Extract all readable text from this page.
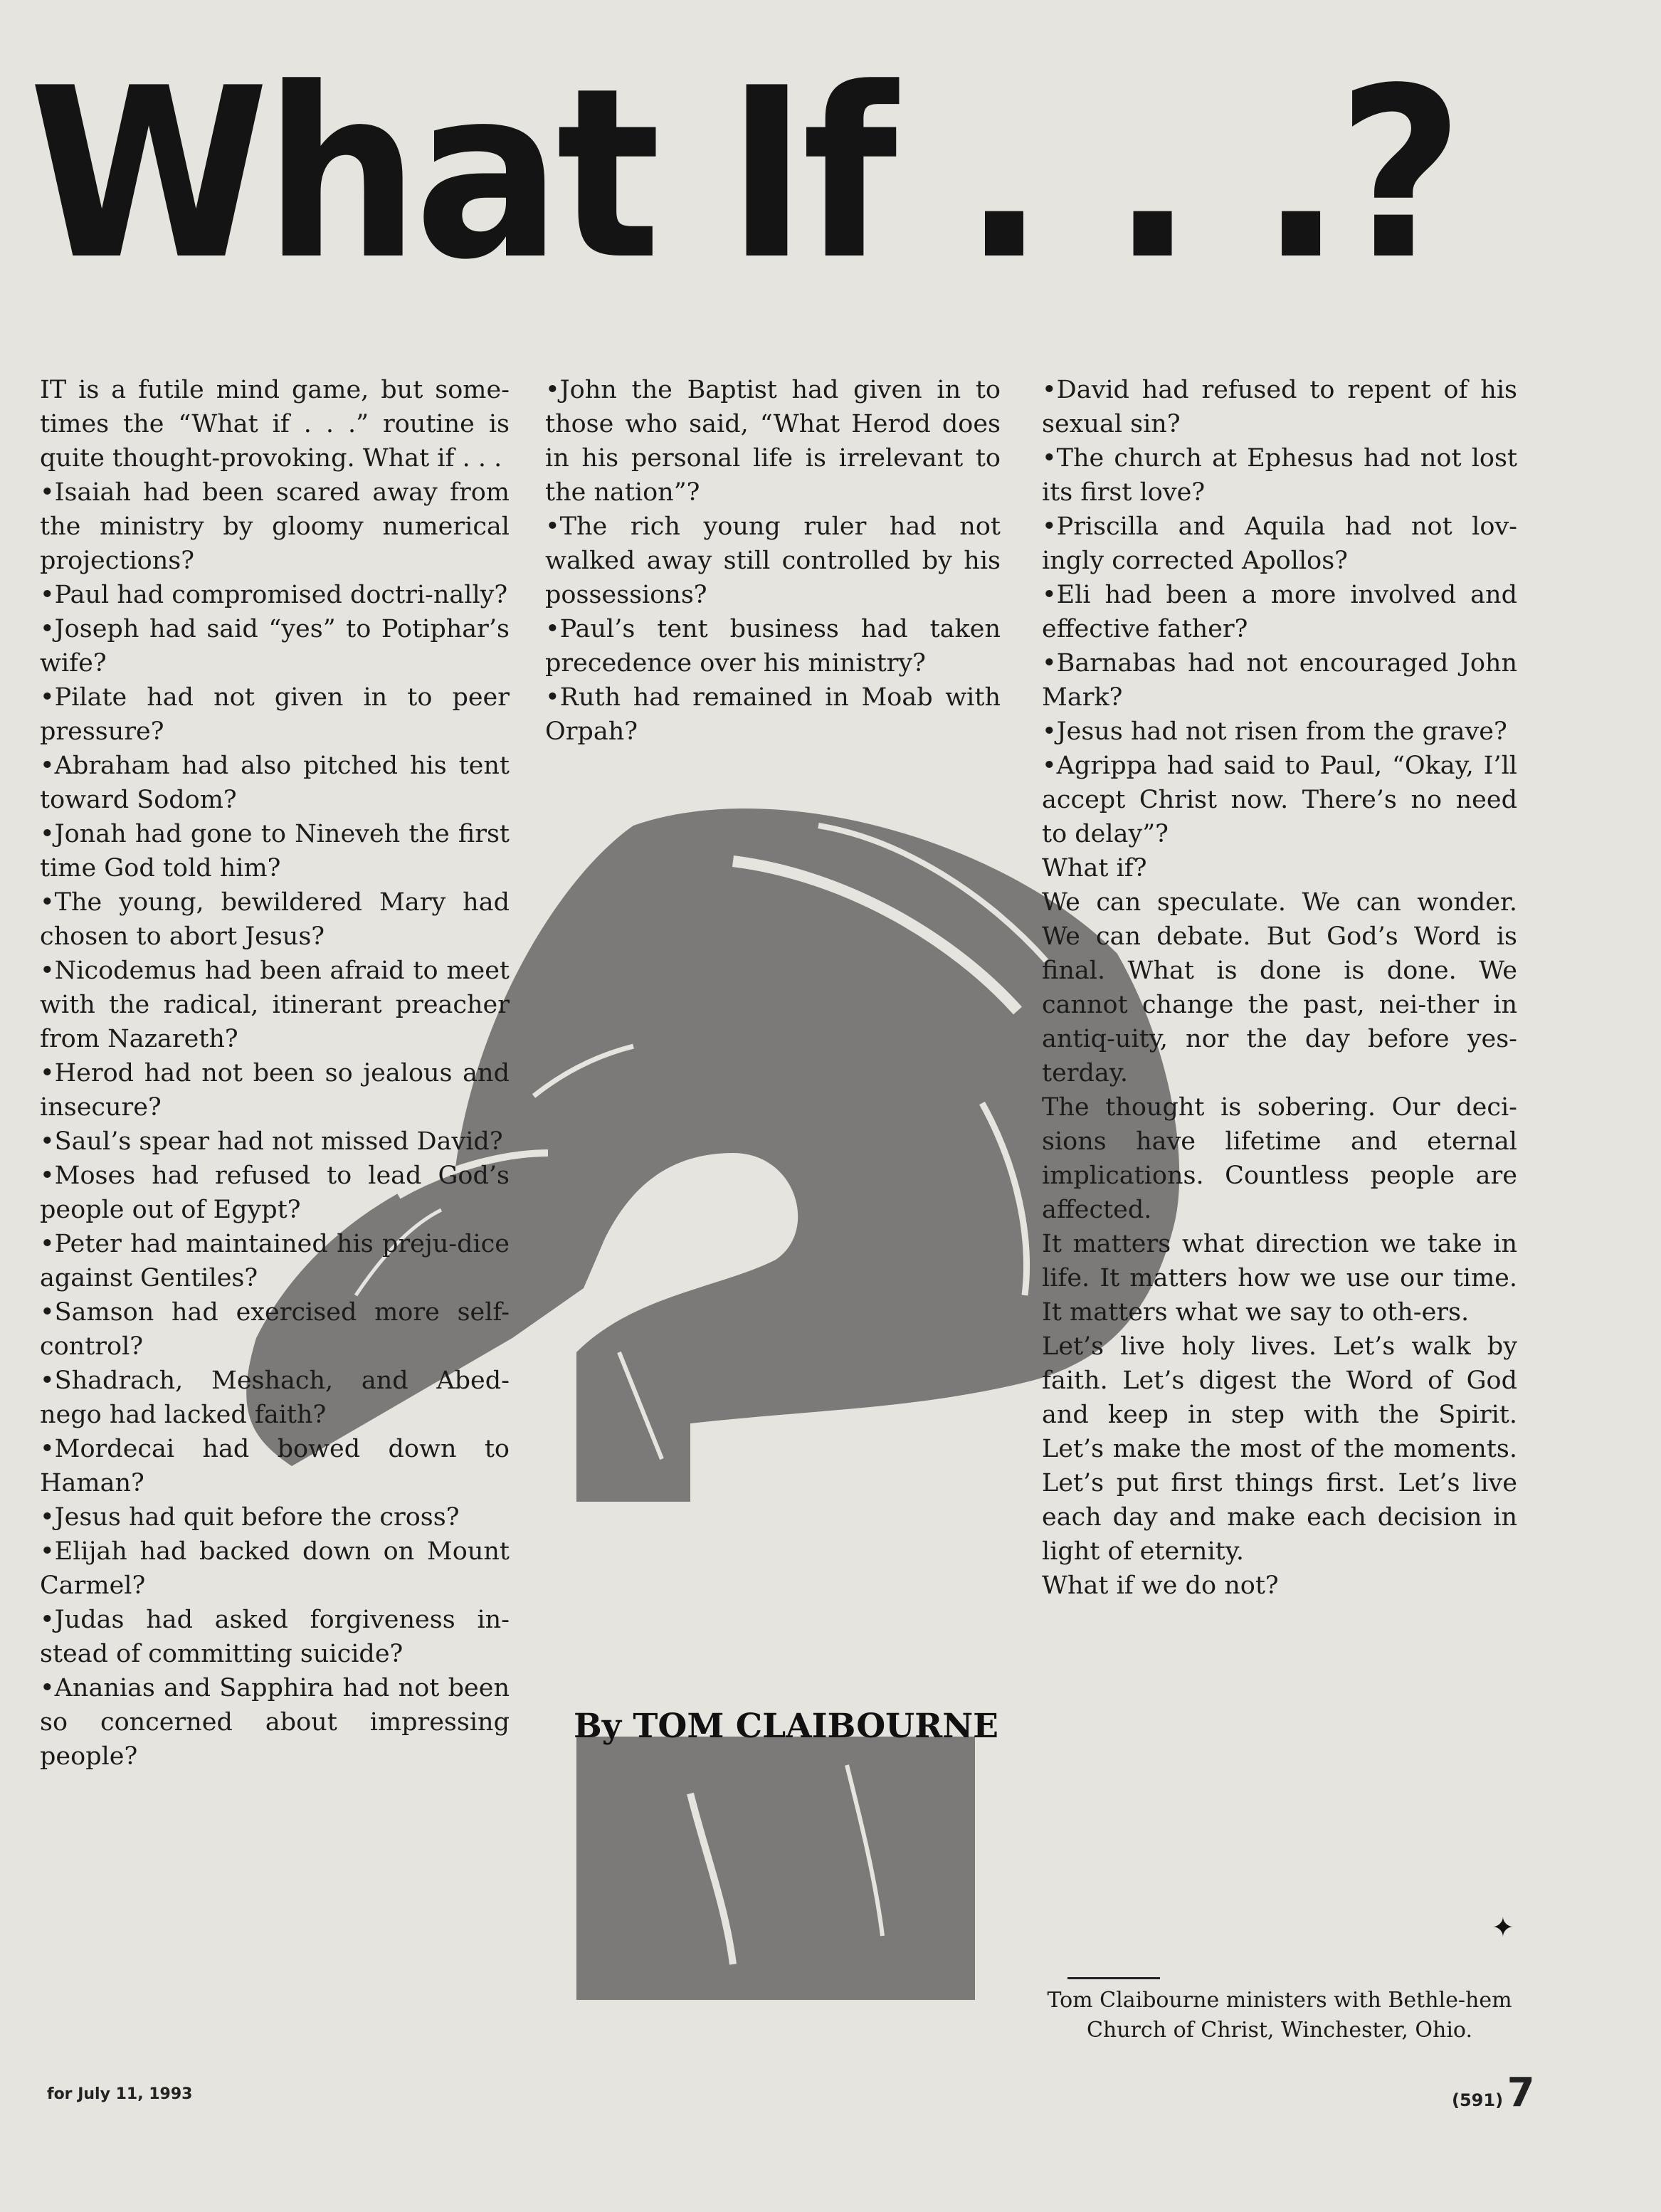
What If . . .?

IT is a futile mind game, but some-times the “What if . . .” routine is quite thought-provoking. What if . . .

•Isaiah had been scared away from the ministry by gloomy numerical projections?

•Paul had compromised doctri-nally?

•Joseph had said “yes” to Potiphar’s wife?

•Pilate had not given in to peer pressure?

•Abraham had also pitched his tent toward Sodom?

•Jonah had gone to Nineveh the first time God told him?

•The young, bewildered Mary had chosen to abort Jesus?

•Nicodemus had been afraid to meet with the radical, itinerant preacher from Nazareth?

•Herod had not been so jealous and insecure?

•Saul’s spear had not missed David?

•Moses had refused to lead God’s people out of Egypt?

•Peter had maintained his preju-dice against Gentiles?

•Samson had exercised more self-control?

•Shadrach, Meshach, and Abed-nego had lacked faith?

•Mordecai had bowed down to Haman?

•Jesus had quit before the cross?

•Elijah had backed down on Mount Carmel?

•Judas had asked forgiveness in-stead of committing suicide?

•Ananias and Sapphira had not been so concerned about impressing people?

•John the Baptist had given in to those who said, “What Herod does in his personal life is irrelevant to the nation”?

•The rich young ruler had not walked away still controlled by his possessions?

•Paul’s tent business had taken precedence over his ministry?

•Ruth had remained in Moab with Orpah?

•David had refused to repent of his sexual sin?

•The church at Ephesus had not lost its first love?

•Priscilla and Aquila had not lov-ingly corrected Apollos?

•Eli had been a more involved and effective father?

•Barnabas had not encouraged John Mark?

•Jesus had not risen from the grave?

•Agrippa had said to Paul, “Okay, I’ll accept Christ now. There’s no need to delay”?

What if?

We can speculate. We can wonder. We can debate. But God’s Word is final. What is done is done. We cannot change the past, nei-ther in antiq-uity, nor the day before yes-terday.

The thought is sobering. Our deci-sions have lifetime and eternal implications. Countless people are affected.

It matters what direction we take in life. It matters how we use our time. It matters what we say to oth-ers.

Let’s live holy lives. Let’s walk by faith. Let’s digest the Word of God and keep in step with the Spirit. Let’s make the most of the moments. Let’s put first things first. Let’s live each day and make each decision in light of eternity.

What if we do not?

By TOM CLAIBOURNE
✦
Tom Claibourne ministers with Bethle-hem Church of Christ, Winchester, Ohio.
for July 11, 1993	(591) 7
